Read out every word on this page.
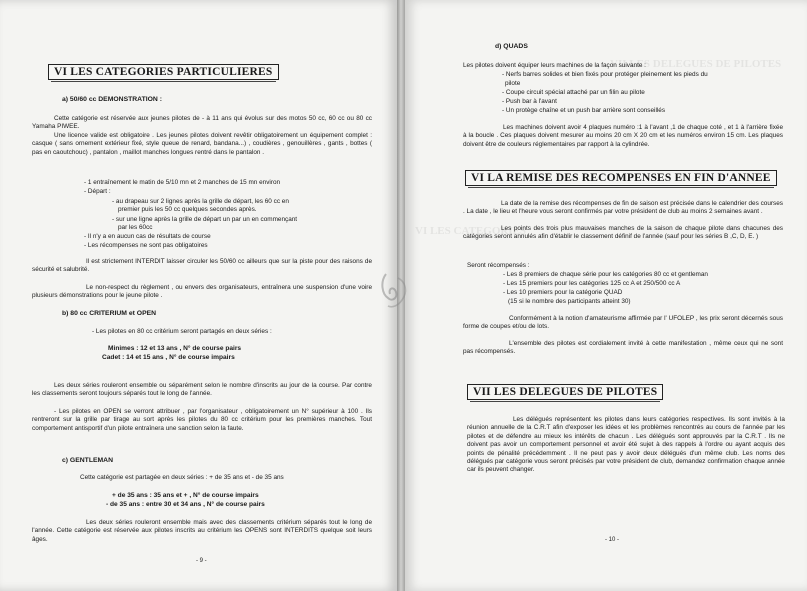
VI LES CATEGORIES PARTICULIERES
a) 50/60 cc DEMONSTRATION :
Cette catégorie est réservée aux jeunes pilotes de - à 11 ans qui évolus sur des motos 50 cc, 60 cc ou 80 cc Yamaha PIWEE.
Une licence valide est obligatoire . Les jeunes pilotes doivent revêtir obligatoirement un équipement complet : casque ( sans ornement extérieur fixé, style queue de renard, bandana...) , coudières , genouillères , gants , bottes ( pas en caoutchouc) , pantalon , maillot manches longues rentré dans le pantalon .
- 1 entraînement le matin de 5/10 mn et 2 manches de 15 mn environ
- Départ :
- au drapeau sur 2 lignes après la grille de départ, les 60 cc en
premier puis les 50 cc quelques secondes après.
- sur une ligne après la grille de départ un par un en commençant
par les 60cc
- Il n'y a en aucun cas de résultats de course
- Les récompenses ne sont pas obligatoires
Il est strictement INTERDIT laisser circuler les 50/60 cc ailleurs que sur la piste pour des raisons de sécurité et salubrité.
Le non-respect du règlement , ou envers des organisateurs, entraînera une suspension d'une voire plusieurs démonstrations pour le jeune pilote .
b) 80 cc CRITERIUM et OPEN
- Les pilotes en 80 cc critérium seront partagés en deux séries :
Minimes : 12 et 13 ans , N° de course pairs
Cadet : 14 et 15 ans , N° de course impairs
Les deux séries rouleront ensemble ou séparément selon le nombre d'inscrits au jour de la course. Par contre les classements seront toujours séparés tout le long de l'année.
- Les pilotes en OPEN se verront attribuer , par l'organisateur , obligatoirement un N° supérieur à 100 . Ils rentreront sur la grille par tirage au sort après les pilotes du 80 cc critérium pour les premières manches. Tout comportement antisportif d'un pilote entraînera une sanction selon la faute.
c) GENTLEMAN
Cette catégorie est partagée en deux séries : + de 35 ans et - de 35 ans
+ de 35 ans : 35 ans et + , N° de course impairs
- de 35 ans : entre 30 et 34 ans , N° de course pairs
Les deux séries rouleront ensemble mais avec des classements critérium séparés tout le long de l'année. Cette catégorie est réservée aux pilotes inscrits au critérium les OPENS sont INTERDITS quelque soit leurs âges.
- 9 -
VII LES DELEGUES DE PILOTES
VI LES CATEGORIES
d) QUADS
Les pilotes doivent équiper leurs machines de la façon suivante :
- Nerfs barres solides et bien fixés pour protéger pleinement les pieds du
pilote
- Coupe circuit spécial attaché par un filin au pilote
- Push bar à l'avant
- Un protège chaîne et un push bar arrière sont conseillés
Les machines doivent avoir 4 plaques numéro :1 à l'avant ,1 de chaque coté , et 1 à l'arrière fixée à la boucle . Ces plaques doivent mesurer au moins 20 cm X 20 cm et les numéros environ 15 cm. Les plaques doivent être de couleurs réglementaires par rapport à la cylindrée.
VI LA REMISE DES RECOMPENSES EN FIN D'ANNEE
La date de la remise des récompenses de fin de saison est précisée dans le calendrier des courses . La date , le lieu et l'heure vous seront confirmés par votre président de club au moins 2 semaines avant .
Les points des trois plus mauvaises manches de la saison de chaque pilote dans chacunes des catégories seront annulés afin d'établir le classement définif de l'année (sauf pour les séries B ,C, D, E. )
Seront récompensés :
- Les 8 premiers de chaque série pour les catégories 80 cc et gentleman
- Les 15 premiers pour les catégories 125 cc A et 250/500 cc A
- Les 10 premiers pour la catégorie QUAD
(15 si le nombre des participants atteint 30)
Conformément à la notion d'amateurisme affirmée par l' UFOLEP , les prix seront décernés sous forme de coupes et/ou de lots.
L'ensemble des pilotes est cordialement invité à cette manifestation , même ceux qui ne sont pas récompensés.
VII LES DELEGUES DE PILOTES
Les délégués représentent les pilotes dans leurs catégories respectives. Ils sont invités à la réunion annuelle de la C.R.T afin d'exposer les idées et les problèmes rencontrés au cours de l'année par les pilotes et de défendre au mieux les intérêts de chacun . Les délégués sont approuvés par la C.R.T . Ils ne doivent pas avoir un comportement personnel et avoir été sujet à des rappels à l'ordre ou ayant acquis des points de pénalité précédemment . Il ne peut pas y avoir deux délégués d'un même club. Les noms des délégués par catégorie vous seront précisés par votre président de club, demandez confirmation chaque année car ils peuvent changer.
- 10 -
